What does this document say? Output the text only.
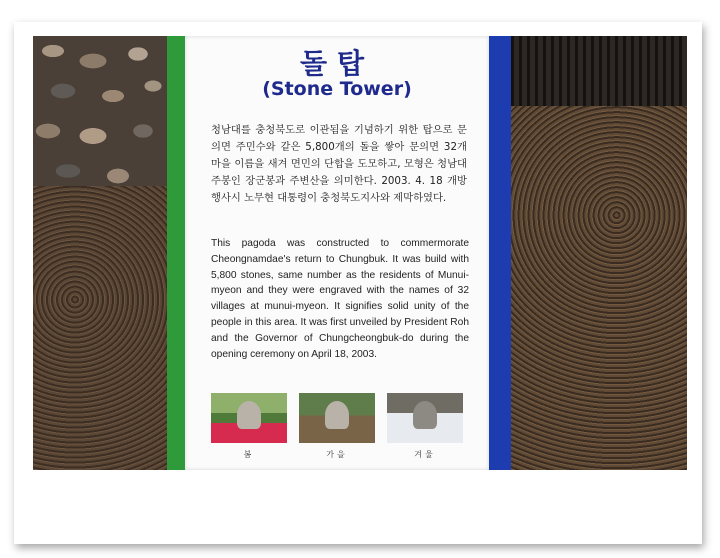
돌탑
(Stone Tower)
청남대를 충청북도로 이관됨을 기념하기 위한 탑으로 문의면 주민수와 같은 5,800개의 돌을 쌓아 문의면 32개 마을 이름을 새겨 면민의 단합을 도모하고, 모형은 청남대 주봉인 장군봉과 주변산을 의미한다. 2003. 4. 18 개방행사시 노무현 대통령이 충청북도지사와 제막하였다.
This pagoda was constructed to commermorate Cheongnamdae's return to Chungbuk. It was build with 5,800 stones, same number as the residents of Munui-myeon and they were engraved with the names of 32 villages at munui-myeon. It signifies solid unity of the people in this area. It was first unveiled by President Roh and the Governor of Chungcheongbuk-do during the opening ceremony on April 18, 2003.
봄	가을	겨울
